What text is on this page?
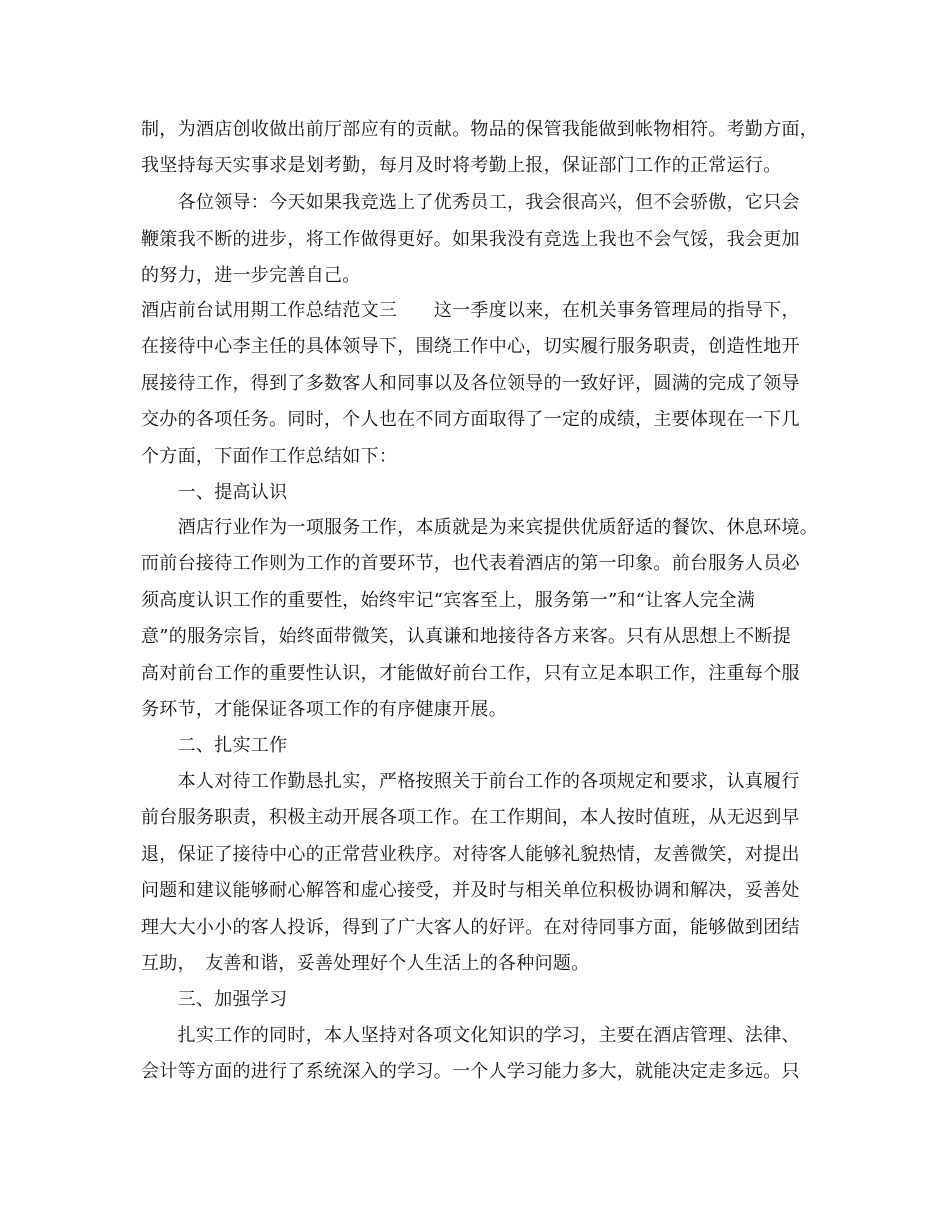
制，为酒店创收做出前厅部应有的贡献。物品的保管我能做到帐物相符。考勤方面，
我坚持每天实事求是划考勤，每月及时将考勤上报，保证部门工作的正常运行。
　　各位领导：今天如果我竞选上了优秀员工，我会很高兴，但不会骄傲，它只会
鞭策我不断的进步，将工作做得更好。如果我没有竞选上我也不会气馁，我会更加
的努力，进一步完善自己。
酒店前台试用期工作总结范文三　　这一季度以来，在机关事务管理局的指导下，
在接待中心李主任的具体领导下，围绕工作中心，切实履行服务职责，创造性地开
展接待工作，得到了多数客人和同事以及各位领导的一致好评，圆满的完成了领导
交办的各项任务。同时，个人也在不同方面取得了一定的成绩，主要体现在一下几
个方面，下面作工作总结如下：
　　一、提高认识
　　酒店行业作为一项服务工作，本质就是为来宾提供优质舒适的餐饮、休息环境。
而前台接待工作则为工作的首要环节，也代表着酒店的第一印象。前台服务人员必
须高度认识工作的重要性，始终牢记“宾客至上，服务第一”和“让客人完全满
意”的服务宗旨，始终面带微笑，认真谦和地接待各方来客。只有从思想上不断提
高对前台工作的重要性认识，才能做好前台工作，只有立足本职工作，注重每个服
务环节，才能保证各项工作的有序健康开展。
　　二、扎实工作
　　本人对待工作勤恳扎实，严格按照关于前台工作的各项规定和要求，认真履行
前台服务职责，积极主动开展各项工作。在工作期间，本人按时值班，从无迟到早
退，保证了接待中心的正常营业秩序。对待客人能够礼貌热情，友善微笑，对提出
问题和建议能够耐心解答和虚心接受，并及时与相关单位积极协调和解决，妥善处
理大大小小的客人投诉，得到了广大客人的好评。在对待同事方面，能够做到团结
互助，　友善和谐，妥善处理好个人生活上的各种问题。
　　三、加强学习
　　扎实工作的同时，本人坚持对各项文化知识的学习，主要在酒店管理、法律、
会计等方面的进行了系统深入的学习。一个人学习能力多大，就能决定走多远。只
